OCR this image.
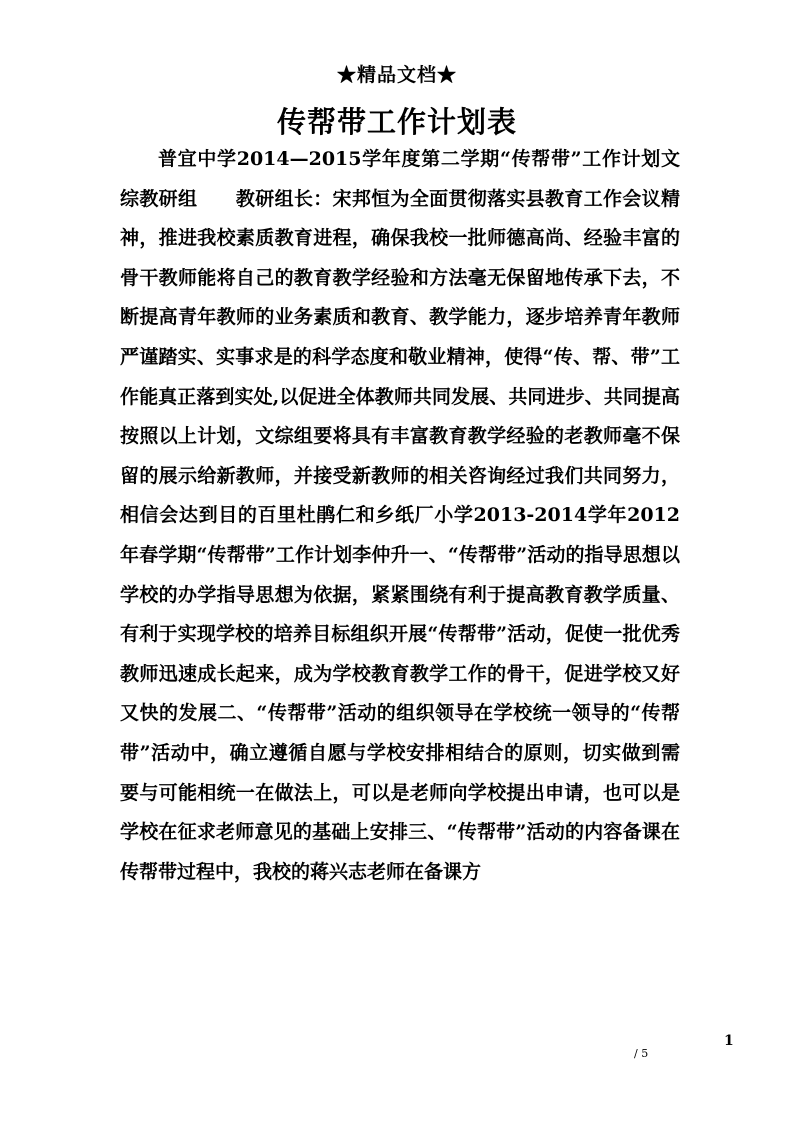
★精品文档★
传帮带工作计划表

普宜中学2014—2015学年度第二学期“传帮带”工作计划文综教研组　　教研组长：宋邦恒为全面贯彻落实县教育工作会议精神，推进我校素质教育进程，确保我校一批师德高尚、经验丰富的骨干教师能将自己的教育教学经验和方法毫无保留地传承下去，不断提高青年教师的业务素质和教育、教学能力，逐步培养青年教师严谨踏实、实事求是的科学态度和敬业精神，使得“传、帮、带”工作能真正落到实处,以促进全体教师共同发展、共同进步、共同提高按照以上计划，文综组要将具有丰富教育教学经验的老教师毫不保留的展示给新教师，并接受新教师的相关咨询经过我们共同努力，相信会达到目的百里杜鹃仁和乡纸厂小学2013-2014学年2012年春学期“传帮带”工作计划李仲升一、“传帮带”活动的指导思想以学校的办学指导思想为依据，紧紧围绕有利于提高教育教学质量、有利于实现学校的培养目标组织开展“传帮带”活动，促使一批优秀教师迅速成长起来，成为学校教育教学工作的骨干，促进学校又好又快的发展二、“传帮带”活动的组织领导在学校统一领导的“传帮带”活动中，确立遵循自愿与学校安排相结合的原则，切实做到需要与可能相统一在做法上，可以是老师向学校提出申请，也可以是学校在征求老师意见的基础上安排三、“传帮带”活动的内容备课在传帮带过程中，我校的蒋兴志老师在备课方

1
/ 5
